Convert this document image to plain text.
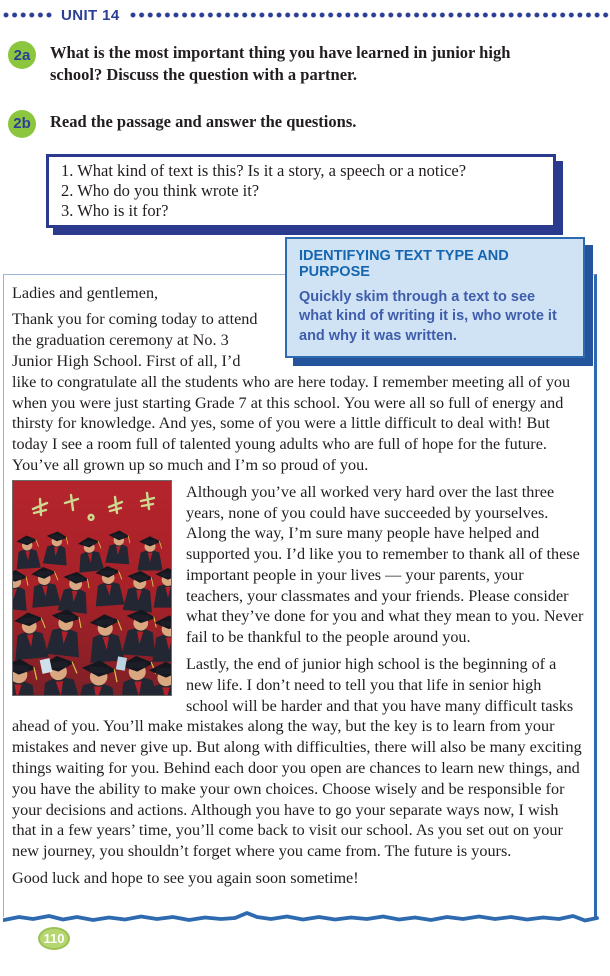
UNIT 14
2a	What is the most important thing you have learned in junior high school? Discuss the question with a partner.

2b	Read the passage and answer the questions.

1. What kind of text is this? Is it a story, a speech or a notice?

2. Who do you think wrote it?

3. Who is it for?

IDENTIFYING TEXT TYPE AND PURPOSE

Quickly skim through a text to see what kind of writing it is, who wrote it and why it was written.

Ladies and gentlemen,

Thank you for coming today to attend the graduation ceremony at No. 3 Junior High School. First of all, I’d like to congratulate all the students who are here today. I remember meeting all of you when you were just starting Grade 7 at this school. You were all so full of energy and thirsty for knowledge. And yes, some of you were a little difficult to deal with! But today I see a room full of talented young adults who are full of hope for the future. You’ve all grown up so much and I’m so proud of you.

Although you’ve all worked very hard over the last three years, none of you could have succeeded by yourselves. Along the way, I’m sure many people have helped and supported you. I’d like you to remember to thank all of these important people in your lives — your parents, your teachers, your classmates and your friends. Please consider what they’ve done for you and what they mean to you. Never fail to be thankful to the people around you.

Lastly, the end of junior high school is the beginning of a new life. I don’t need to tell you that life in senior high school will be harder and that you have many difficult tasks ahead of you. You’ll make mistakes along the way, but the key is to learn from your mistakes and never give up. But along with difficulties, there will also be many exciting things waiting for you. Behind each door you open are chances to learn new things, and you have the ability to make your own choices. Choose wisely and be responsible for your decisions and actions. Although you have to go your separate ways now, I wish that in a few years’ time, you’ll come back to visit our school. As you set out on your new journey, you shouldn’t forget where you came from. The future is yours.

Good luck and hope to see you again soon sometime!

110
